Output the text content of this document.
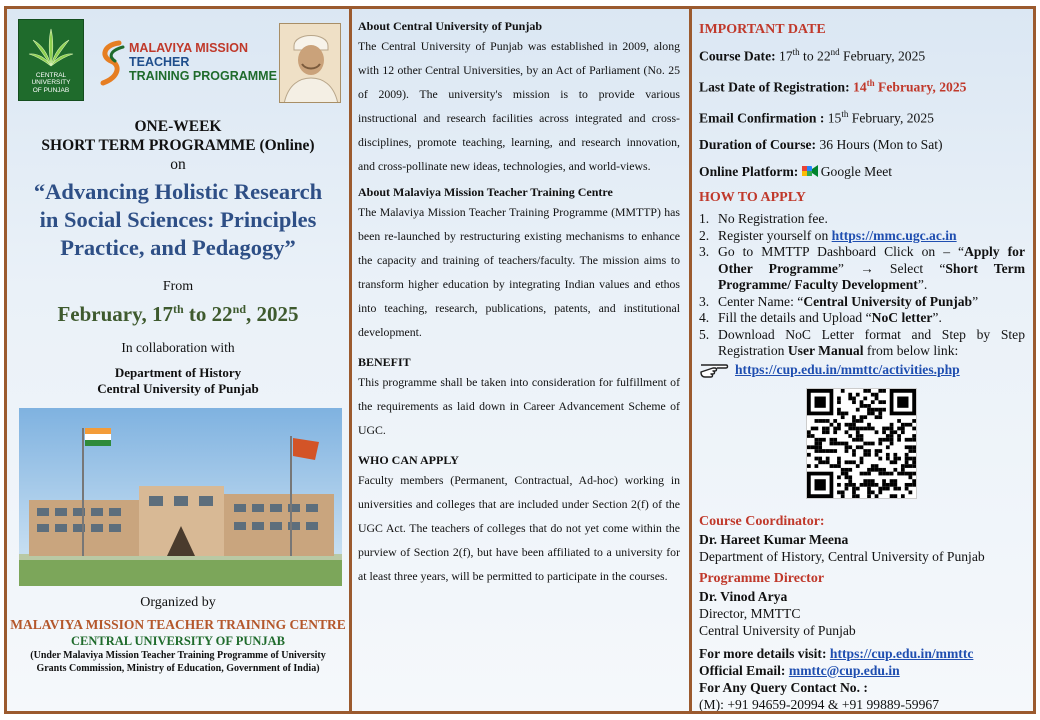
CENTRAL
UNIVERSITY
OF PUNJAB
MALAVIYA MISSION
TEACHER
TRAINING PROGRAMME
ONE-WEEK
SHORT TERM PROGRAMME (Online)
on
“Advancing Holistic Research
in Social Sciences: Principles
Practice, and Pedagogy”
From
February, 17th to 22nd, 2025
In collaboration with
Department of History
Central University of Punjab
Organized by
MALAVIYA MISSION TEACHER TRAINING CENTRE
CENTRAL UNIVERSITY OF PUNJAB
(Under Malaviya Mission Teacher Training Programme of University Grants Commission, Ministry of Education, Government of India)
About Central University of Punjab

The Central University of Punjab was established in 2009, along with 12 other Central Universities, by an Act of Parliament (No. 25 of 2009). The university's mission is to provide various instructional and research facilities across integrated and cross-disciplines, promote teaching, learning, and research innovation, and cross-pollinate new ideas, technologies, and world-views.

About Malaviya Mission Teacher Training Centre

The Malaviya Mission Teacher Training Programme (MMTTP) has been re-launched by restructuring existing mechanisms to enhance the capacity and training of teachers/faculty. The mission aims to transform higher education by integrating Indian values and ethos into teaching, research, publications, patents, and institutional development.

BENEFIT

This programme shall be taken into consideration for fulfillment of the requirements as laid down in Career Advancement Scheme of UGC.

WHO CAN APPLY

Faculty members (Permanent, Contractual, Ad-hoc) working in universities and colleges that are included under Section 2(f) of the UGC Act. The teachers of colleges that do not yet come within the purview of Section 2(f), but have been affiliated to a university for at least three years, will be permitted to participate in the courses.

IMPORTANT DATE
Course Date: 17th to 22nd February, 2025
Last Date of Registration: 14th February, 2025
Email Confirmation : 15th February, 2025
Duration of Course: 36 Hours (Mon to Sat)
Online Platform: Google Meet
HOW TO APPLY
1. No Registration fee.
2. Register yourself on https://mmc.ugc.ac.in
3. Go to MMTTP Dashboard Click on – “Apply for Other Programme” → Select “Short Term Programme/ Faculty Development”.
3. Center Name: “Central University of Punjab”
4. Fill the details and Upload “NoC letter”.
5. Download NoC Letter format and Step by Step Registration User Manual from below link:
https://cup.edu.in/mmttc/activities.php
Course Coordinator:
Dr. Hareet Kumar Meena
Department of History, Central University of Punjab
Programme Director
Dr. Vinod Arya
Director, MMTTC
Central University of Punjab
For more details visit: https://cup.edu.in/mmttc
Official Email: mmttc@cup.edu.in
For Any Query Contact No. :
(M): +91 94659-20994 & +91 99889-59967
